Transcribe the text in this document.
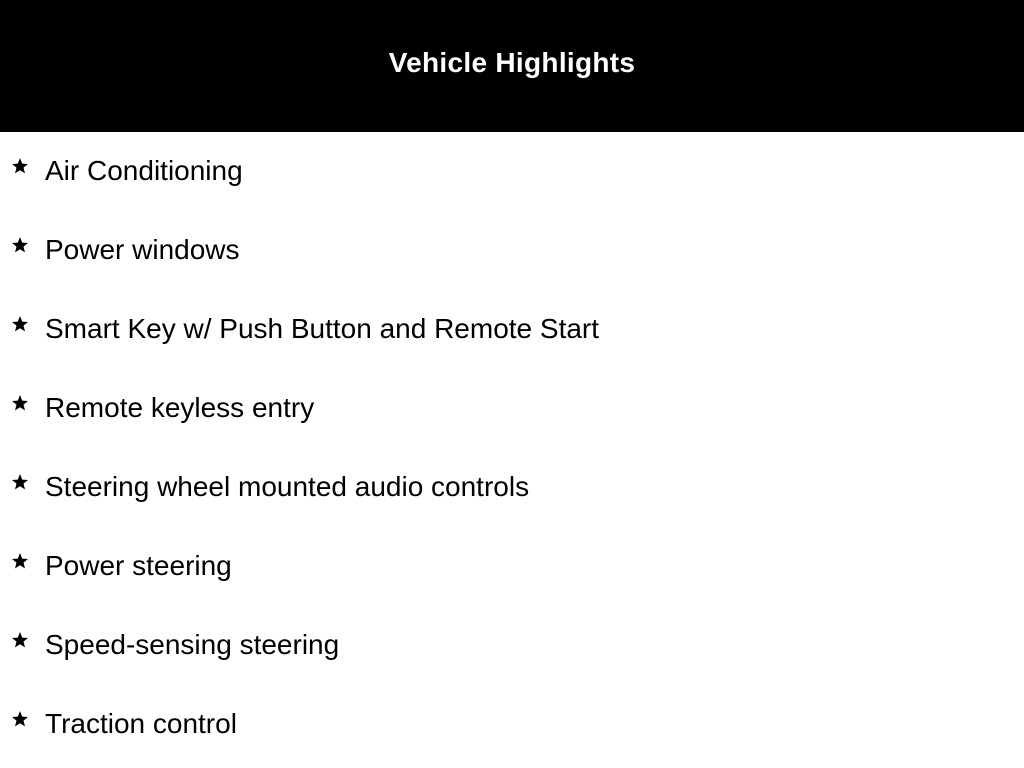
Vehicle Highlights
Air Conditioning
Power windows
Smart Key w/ Push Button and Remote Start
Remote keyless entry
Steering wheel mounted audio controls
Power steering
Speed-sensing steering
Traction control
